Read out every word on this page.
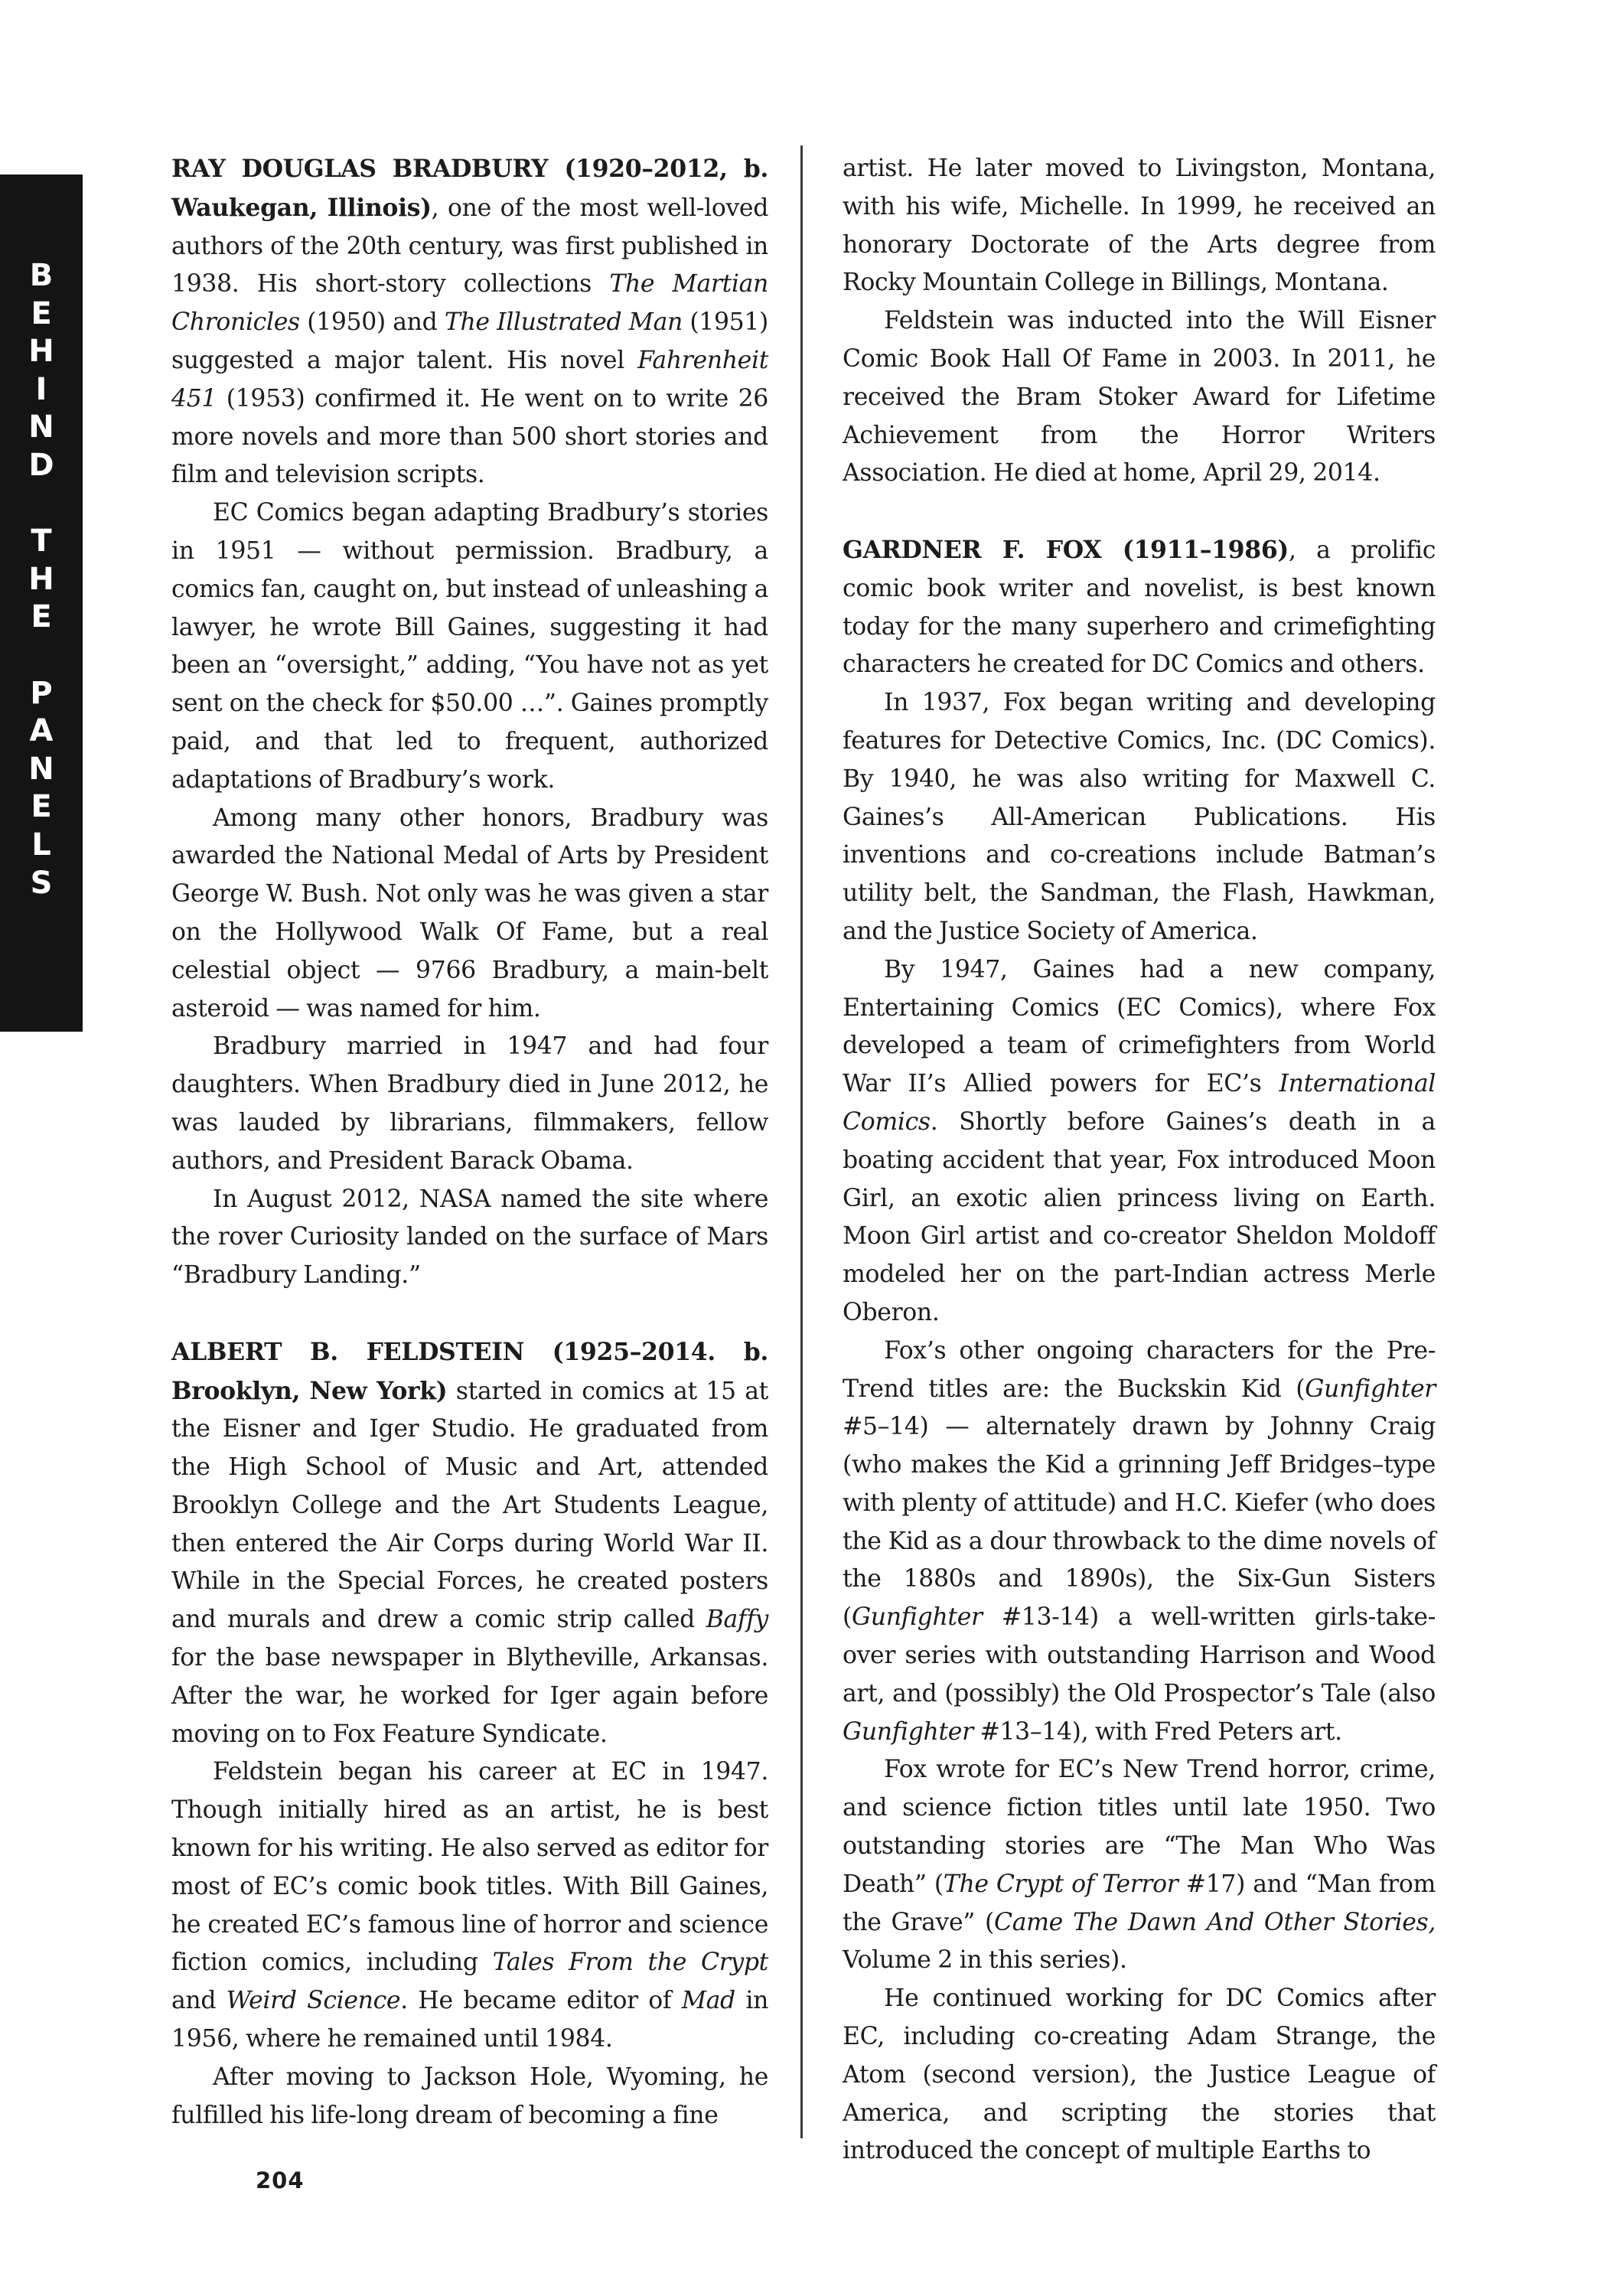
B
E
H
I
N
D
T
H
E
P
A
N
E
L
S

RAY DOUGLAS BRADBURY (1920–2012, b. Waukegan, Illinois), one of the most well-loved authors of the 20th century, was first published in 1938. His short-story collections The Martian Chronicles (1950) and The Illustrated Man (1951) suggested a major talent. His novel Fahrenheit 451 (1953) confirmed it. He went on to write 26 more novels and more than 500 short stories and film and television scripts.

EC Comics began adapting Bradbury’s stories in 1951 — without permission. Bradbury, a comics fan, caught on, but instead of unleashing a lawyer, he wrote Bill Gaines, suggesting it had been an “oversight,” adding, “You have not as yet sent on the check for $50.00 …”. Gaines promptly paid, and that led to frequent, authorized adaptations of Bradbury’s work.

Among many other honors, Bradbury was awarded the National Medal of Arts by President George W. Bush. Not only was he was given a star on the Hollywood Walk Of Fame, but a real celestial object — 9766 Bradbury, a main-belt asteroid — was named for him.

Bradbury married in 1947 and had four daughters. When Bradbury died in June 2012, he was lauded by librarians, filmmakers, fellow authors, and President Barack Obama.

In August 2012, NASA named the site where the rover Curiosity landed on the surface of Mars “Bradbury Landing.”

ALBERT B. FELDSTEIN (1925–2014. b. Brooklyn, New York) started in comics at 15 at the Eisner and Iger Studio. He graduated from the High School of Music and Art, attended Brooklyn College and the Art Students League, then entered the Air Corps during World War II. While in the Special Forces, he created posters and murals and drew a comic strip called Baffy for the base newspaper in Blytheville, Arkansas. After the war, he worked for Iger again before moving on to Fox Feature Syndicate.

Feldstein began his career at EC in 1947. Though initially hired as an artist, he is best known for his writing. He also served as editor for most of EC’s comic book titles. With Bill Gaines, he created EC’s famous line of horror and science fiction comics, including Tales From the Crypt and Weird Science. He became editor of Mad in 1956, where he remained until 1984.

After moving to Jackson Hole, Wyoming, he fulfilled his life-long dream of becoming a fine

artist. He later moved to Livingston, Montana, with his wife, Michelle. In 1999, he received an honorary Doctorate of the Arts degree from Rocky Mountain College in Billings, Montana.

Feldstein was inducted into the Will Eisner Comic Book Hall Of Fame in 2003. In 2011, he received the Bram Stoker Award for Lifetime Achievement from the Horror Writers Association. He died at home, April 29, 2014.

GARDNER F. FOX (1911–1986), a prolific comic book writer and novelist, is best known today for the many superhero and crimefighting characters he created for DC Comics and others.

In 1937, Fox began writing and developing features for Detective Comics, Inc. (DC Comics). By 1940, he was also writing for Maxwell C. Gaines’s All-American Publications. His inventions and co-creations include Batman’s utility belt, the Sandman, the Flash, Hawkman, and the Justice Society of America.

By 1947, Gaines had a new company, Entertaining Comics (EC Comics), where Fox developed a team of crimefighters from World War II’s Allied powers for EC’s International Comics. Shortly before Gaines’s death in a boating accident that year, Fox introduced Moon Girl, an exotic alien princess living on Earth. Moon Girl artist and co-creator Sheldon Moldoff modeled her on the part-Indian actress Merle Oberon.

Fox’s other ongoing characters for the Pre-Trend titles are: the Buckskin Kid (Gunfighter #5–14) — alternately drawn by Johnny Craig (who makes the Kid a grinning Jeff Bridges–type with plenty of attitude) and H.C. Kiefer (who does the Kid as a dour throwback to the dime novels of the 1880s and 1890s), the Six-Gun Sisters (Gunfighter #13-14) a well-written girls-take-over series with outstanding Harrison and Wood art, and (possibly) the Old Prospector’s Tale (also Gunfighter #13–14), with Fred Peters art.

Fox wrote for EC’s New Trend horror, crime, and science fiction titles until late 1950. Two outstanding stories are “The Man Who Was Death” (The Crypt of Terror #17) and “Man from the Grave” (Came The Dawn And Other Stories, Volume 2 in this series).

He continued working for DC Comics after EC, including co-creating Adam Strange, the Atom (second version), the Justice League of America, and scripting the stories that introduced the concept of multiple Earths to

204
